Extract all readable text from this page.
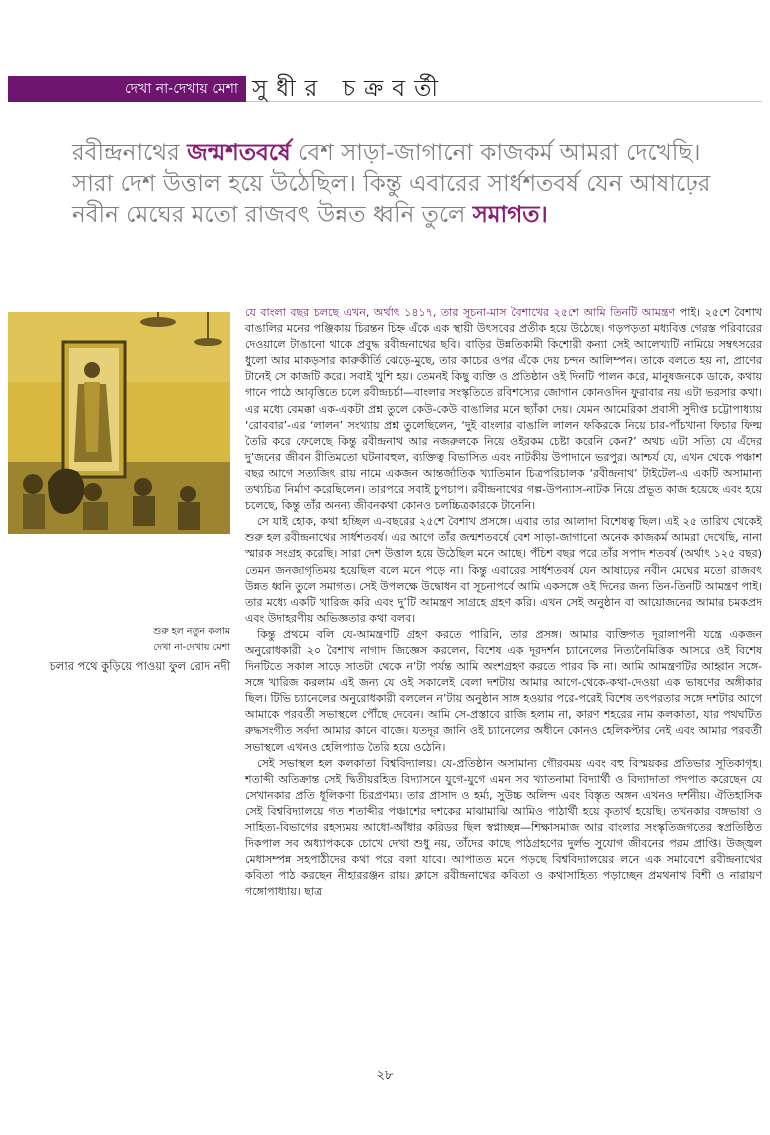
দেখা না-দেখায় মেশা সুধীর চক্রবর্তী

রবীন্দ্রনাথের জন্মশতবর্ষে বেশ সাড়া-জাগানো কাজকর্ম আমরা দেখেছি। সারা দেশ উত্তাল হয়ে উঠেছিল। কিন্তু এবারের সার্ধশতবর্ষ যেন আষাঢ়ের নবীন মেঘের মতো রাজবৎ উন্নত ধ্বনি তুলে সমাগত।

শুরু হল নতুন কলাম
দেখা না-দেখায় মেশা
চলার পথে কুড়িয়ে পাওয়া ফুল রোদ নদী

যে বাংলা বছর চলছে এখন, অর্থাৎ ১৪১৭, তার সূচনা-মাস বৈশাখের ২৫শে আমি তিনটি আমন্ত্রণ পাই। ২৫শে বৈশাখ বাঙালির মনের পঞ্জিকায় চিরন্তন চিহ্ন এঁকে এক স্থায়ী উৎসবের প্রতীক হয়ে উঠেছে। গড়পড়তা মধ্যবিত্ত গেরস্ত পরিবারের দেওয়ালে টাঙানো থাকে প্রবুদ্ধ রবীন্দ্রনাথের ছবি। বাড়ির উন্নতিকামী কিশোরী কন্যা সেই আলেখ্যটি নামিয়ে সম্বৎসরের ধুলো আর মাকড়সার কারুকীর্তি ঝেড়ে-মুছে, তার কাচের ওপর এঁকে দেয় চন্দন আলিম্পন। তাকে বলতে হয় না, প্রাণের টানেই সে কাজটি করে। সবাই খুশি হয়। তেমনই কিছু ব্যক্তি ও প্রতিষ্ঠান ওই দিনটি পালন করে, মানুষজনকে ডাকে, কথায় গানে পাঠে আবৃত্তিতে চলে রবীন্দ্রচর্চা—বাংলার সংস্কৃতিতে রবিশস্যের জোগান কোনওদিন ফুরাবার নয় এটা ভরসার কথা। এর মধ্যে বেমক্কা এক-একটা প্রশ্ন তুলে কেউ-কেউ বাঙালির মনে ছ্যাঁকা দেয়। যেমন আমেরিকা প্রবাসী সুদীপ্ত চট্টোপাধ্যায় ‘রোববার’-এর ‘লালন’ সংখ্যায় প্রশ্ন তুলেছিলেন, ‘দুই বাংলার বাঙালি লালন ফকিরকে নিয়ে চার-পাঁচখানা ফিচার ফিল্ম তৈরি করে ফেলেছে কিন্তু রবীন্দ্রনাথ আর নজরুলকে নিয়ে ওইরকম চেষ্টা করেনি কেন?’ অথচ এটা সত্যি যে এঁদের দু’জনের জীবন রীতিমতো ঘটনাবহুল, ব্যক্তিত্ব বিভাসিত এবং নাটকীয় উপাদানে ভরপুর। আশ্চর্য যে, এখন থেকে পঞ্চাশ বছর আগে সত্যজিৎ রায় নামে একজন আন্তর্জাতিক খ্যাতিমান চিত্রপরিচালক ‘রবীন্দ্রনাথ’ টাইটেল-এ একটি অসামান্য তথ্যচিত্র নির্মাণ করেছিলেন। তারপরে সবাই চুপচাপ। রবীন্দ্রনাথের গল্প-উপন্যাস-নাটক নিয়ে প্রভূত কাজ হয়েছে এবং হয়ে চলেছে, কিন্তু তাঁর অনন্য জীবনকথা কোনও চলচ্চিত্রকারকে টানেনি।

সে যাই হোক, কথা হচ্ছিল এ-বছরের ২৫শে বৈশাখ প্রসঙ্গে। এবার তার আলাদা বিশেষত্ব ছিল। এই ২৫ তারিখ থেকেই শুরু হল রবীন্দ্রনাথের সার্ধশতবর্ষ। এর আগে তাঁর জন্মশতবর্ষে বেশ সাড়া-জাগানো অনেক কাজকর্ম আমরা দেখেছি, নানা স্মারক সংগ্রহ করেছি। সারা দেশ উত্তাল হয়ে উঠেছিল মনে আছে। পঁচিশ বছর পরে তাঁর সপাদ শতবর্ষ (অর্থাৎ ১২৫ বছর) তেমন জনজাগৃতিময় হয়েছিল বলে মনে পড়ে না। কিন্তু এবারের সার্ধশতবর্ষ যেন আষাঢ়ের নবীন মেঘের মতো রাজবৎ উন্নত ধ্বনি তুলে সমাগত। সেই উপলক্ষে উদ্বোধন বা সূচনাপর্বে আমি একসঙ্গে ওই দিনের জন্য তিন-তিনটি আমন্ত্রণ পাই। তার মধ্যে একটি খারিজ করি এবং দু’টি আমন্ত্রণ সাগ্রহে গ্রহণ করি। এখন সেই অনুষ্ঠান বা আয়োজনের আমার চমকপ্রদ এবং উদাহরণীয় অভিজ্ঞতার কথা বলব।

কিন্তু প্রথমে বলি যে-আমন্ত্রণটি গ্রহণ করতে পারিনি, তার প্রসঙ্গ। আমার ব্যক্তিগত দূরালাপনী যন্ত্রে একজন অনুরোধকারী ২০ বৈশাখ নাগাদ জিজ্ঞেস করলেন, বিশেষ এক দূরদর্শন চ্যানেলের নিত্যনৈমিত্তিক আসরে ওই বিশেষ দিনটিতে সকাল সাড়ে সাতটা থেকে ন’টা পর্যন্ত আমি অংশগ্রহণ করতে পারব কি না। আমি আমন্ত্রণটির আহ্বান সঙ্গে-সঙ্গে খারিজ করলাম এই জন্য যে ওই সকালেই বেলা দশটায় আমার আগে-থেকে-কথা-দেওয়া এক ভাষণের অঙ্গীকার ছিল। টিভি চ্যানেলের অনুরোধকারী বললেন ন’টায় অনুষ্ঠান সাঙ্গ হওয়ার পরে-পরেই বিশেষ তৎপরতার সঙ্গে দশটার আগে আমাকে পরবর্তী সভাস্থলে পৌঁছে দেবেন। আমি সে-প্রস্তাবে রাজি হলাম না, কারণ শহরের নাম কলকাতা, যার পথঘটিত রুদ্ধসংগীত সর্বদা আমার কানে বাজে। যতদূর জানি ওই চ্যানেলের অধীনে কোনও হেলিকপ্টার নেই এবং আমার পরবর্তী সভাস্থলে এখনও হেলিপ্যাড তৈরি হয়ে ওঠেনি।

সেই সভাস্থল হল কলকাতা বিশ্ববিদ্যালয়। যে-প্রতিষ্ঠান অসামান্য গৌরবময় এবং বহু বিস্ময়কর প্রতিভার সূতিকাগৃহ। শতাব্দী অতিক্রান্ত সেই দ্বিতীয়রহিত বিদ্যাসনে যুগে-যুগে এমন সব খ্যাতনামা বিদ্যার্থী ও বিদ্যাদাতা পদপাত করেছেন যে সেখানকার প্রতি ধূলিকণা চিরপ্রণম্য। তার প্রাসাদ ও হর্ম্য, সুউচ্চ অলিন্দ এবং বিস্তৃত অঙ্গন এখনও দর্শনীয়। ঐতিহাসিক সেই বিশ্ববিদ্যালয়ে গত শতাব্দীর পঞ্চাশের দশকের মাঝামাঝি আমিও পাঠার্থী হয়ে কৃতার্থ হয়েছি। তখনকার বঙ্গভাষা ও সাহিত্য-বিভাগের রহস্যময় আধো-আঁধার করিডর ছিল স্বপ্নাচ্ছন্ন—শিক্ষাসমাজ আর বাংলার সংস্কৃতিজগতের স্বপ্রতিষ্ঠিত দিকপাল সব অধ্যাপককে চোখে দেখা শুধু নয়, তাঁদের কাছে পাঠগ্রহণের দুর্লভ সুযোগ জীবনের পরম প্রাপ্তি। উজ্জ্বল মেধাসম্পন্ন সহপাঠীদের কথা পরে বলা যাবে। আপাতত মনে পড়ছে বিশ্ববিদ্যালয়ের লনে এক সমাবেশে রবীন্দ্রনাথের কবিতা পাঠ করছেন নীহাররঞ্জন রায়। ক্লাসে রবীন্দ্রনাথের কবিতা ও কথাসাহিত্য পড়াচ্ছেন প্রমথনাথ বিশী ও নারায়ণ গঙ্গোপাধ্যায়। ছাত্র

২৮
